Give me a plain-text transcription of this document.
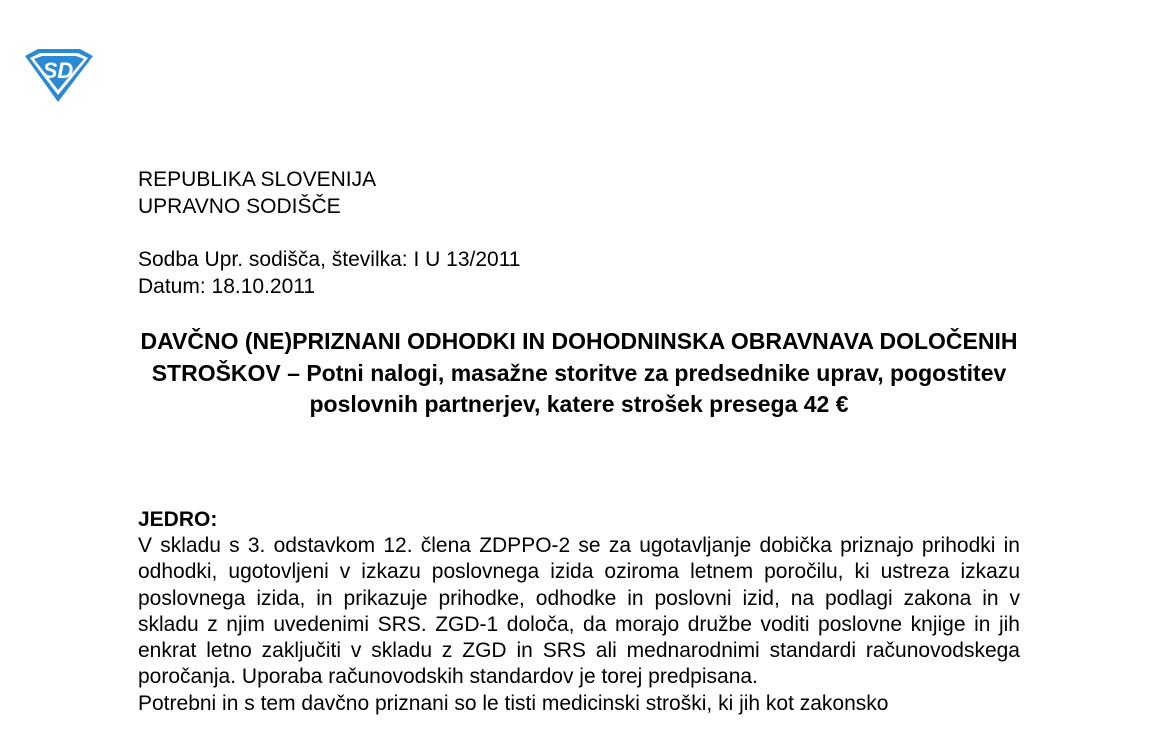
SD
REPUBLIKA SLOVENIJA
UPRAVNO SODIŠČE
Sodba Upr. sodišča, številka: I U 13/2011
Datum: 18.10.2011
DAVČNO (NE)PRIZNANI ODHODKI IN DOHODNINSKA OBRAVNAVA DOLOČENIH STROŠKOV – Potni nalogi, masažne storitve za predsednike uprav, pogostitev poslovnih partnerjev, katere strošek presega 42 €
JEDRO:

V skladu s 3. odstavkom 12. člena ZDPPO-2 se za ugotavljanje dobička priznajo prihodki in odhodki, ugotovljeni v izkazu poslovnega izida oziroma letnem poročilu, ki ustreza izkazu poslovnega izida, in prikazuje prihodke, odhodke in poslovni izid, na podlagi zakona in v skladu z njim uvedenimi SRS. ZGD-1 določa, da morajo družbe voditi poslovne knjige in jih enkrat letno zaključiti v skladu z ZGD in SRS ali mednarodnimi standardi računovodskega poročanja. Uporaba računovodskih standardov je torej predpisana.

Potrebni in s tem davčno priznani so le tisti medicinski stroški, ki jih kot zakonsko
